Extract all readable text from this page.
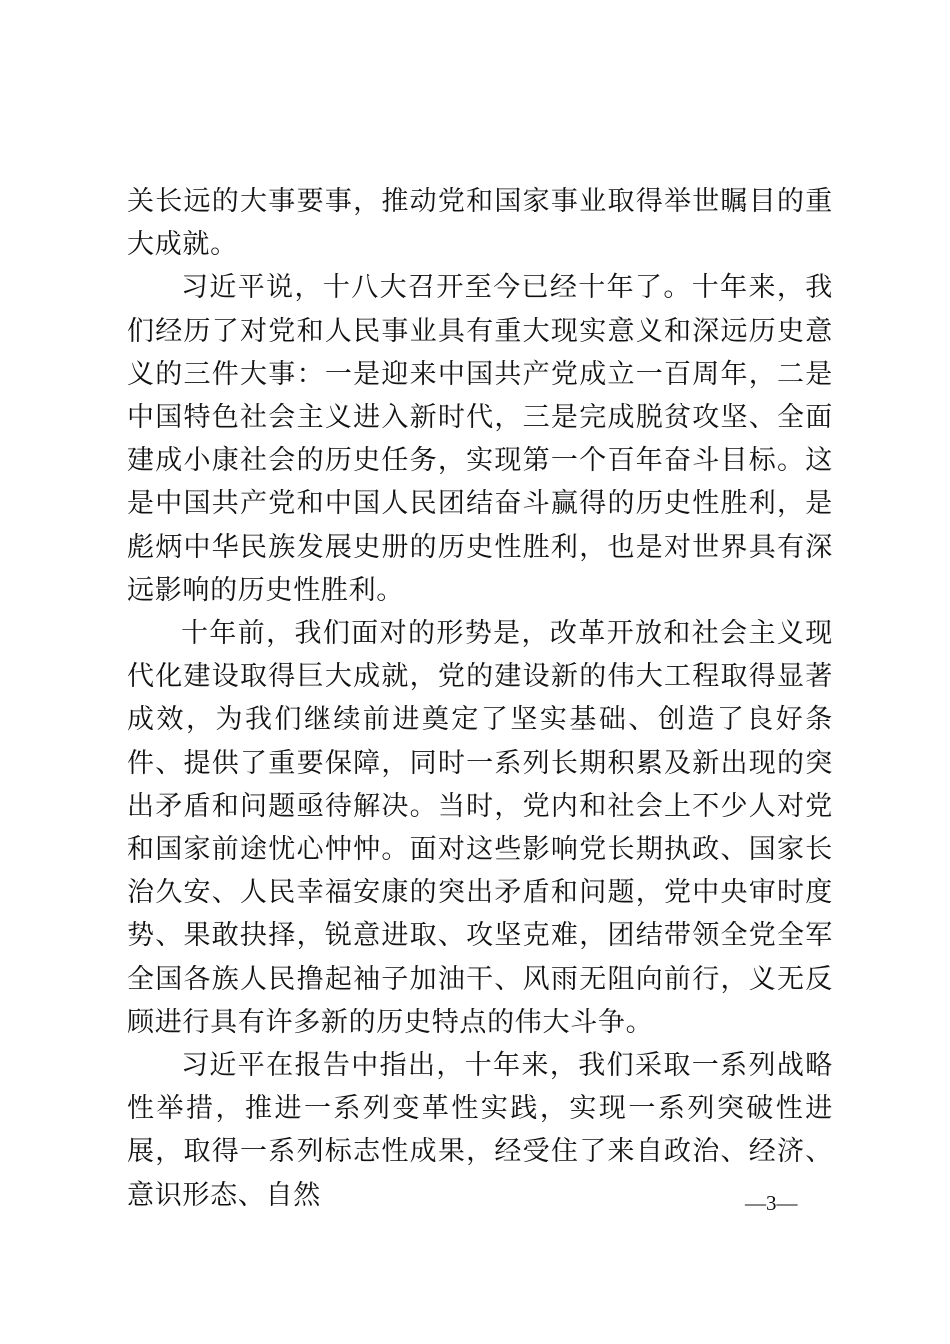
关长远的大事要事，推动党和国家事业取得举世瞩目的重大成就。

习近平说，十八大召开至今已经十年了。十年来，我们经历了对党和人民事业具有重大现实意义和深远历史意义的三件大事：一是迎来中国共产党成立一百周年，二是中国特色社会主义进入新时代，三是完成脱贫攻坚、全面建成小康社会的历史任务，实现第一个百年奋斗目标。这是中国共产党和中国人民团结奋斗赢得的历史性胜利，是彪炳中华民族发展史册的历史性胜利，也是对世界具有深远影响的历史性胜利。

十年前，我们面对的形势是，改革开放和社会主义现代化建设取得巨大成就，党的建设新的伟大工程取得显著成效，为我们继续前进奠定了坚实基础、创造了良好条件、提供了重要保障，同时一系列长期积累及新出现的突出矛盾和问题亟待解决。当时，党内和社会上不少人对党和国家前途忧心忡忡。面对这些影响党长期执政、国家长治久安、人民幸福安康的突出矛盾和问题，党中央审时度势、果敢抉择，锐意进取、攻坚克难，团结带领全党全军全国各族人民撸起袖子加油干、风雨无阻向前行，义无反顾进行具有许多新的历史特点的伟大斗争。

习近平在报告中指出，十年来，我们采取一系列战略性举措，推进一系列变革性实践，实现一系列突破性进展，取得一系列标志性成果，经受住了来自政治、经济、意识形态、自然	—3—
